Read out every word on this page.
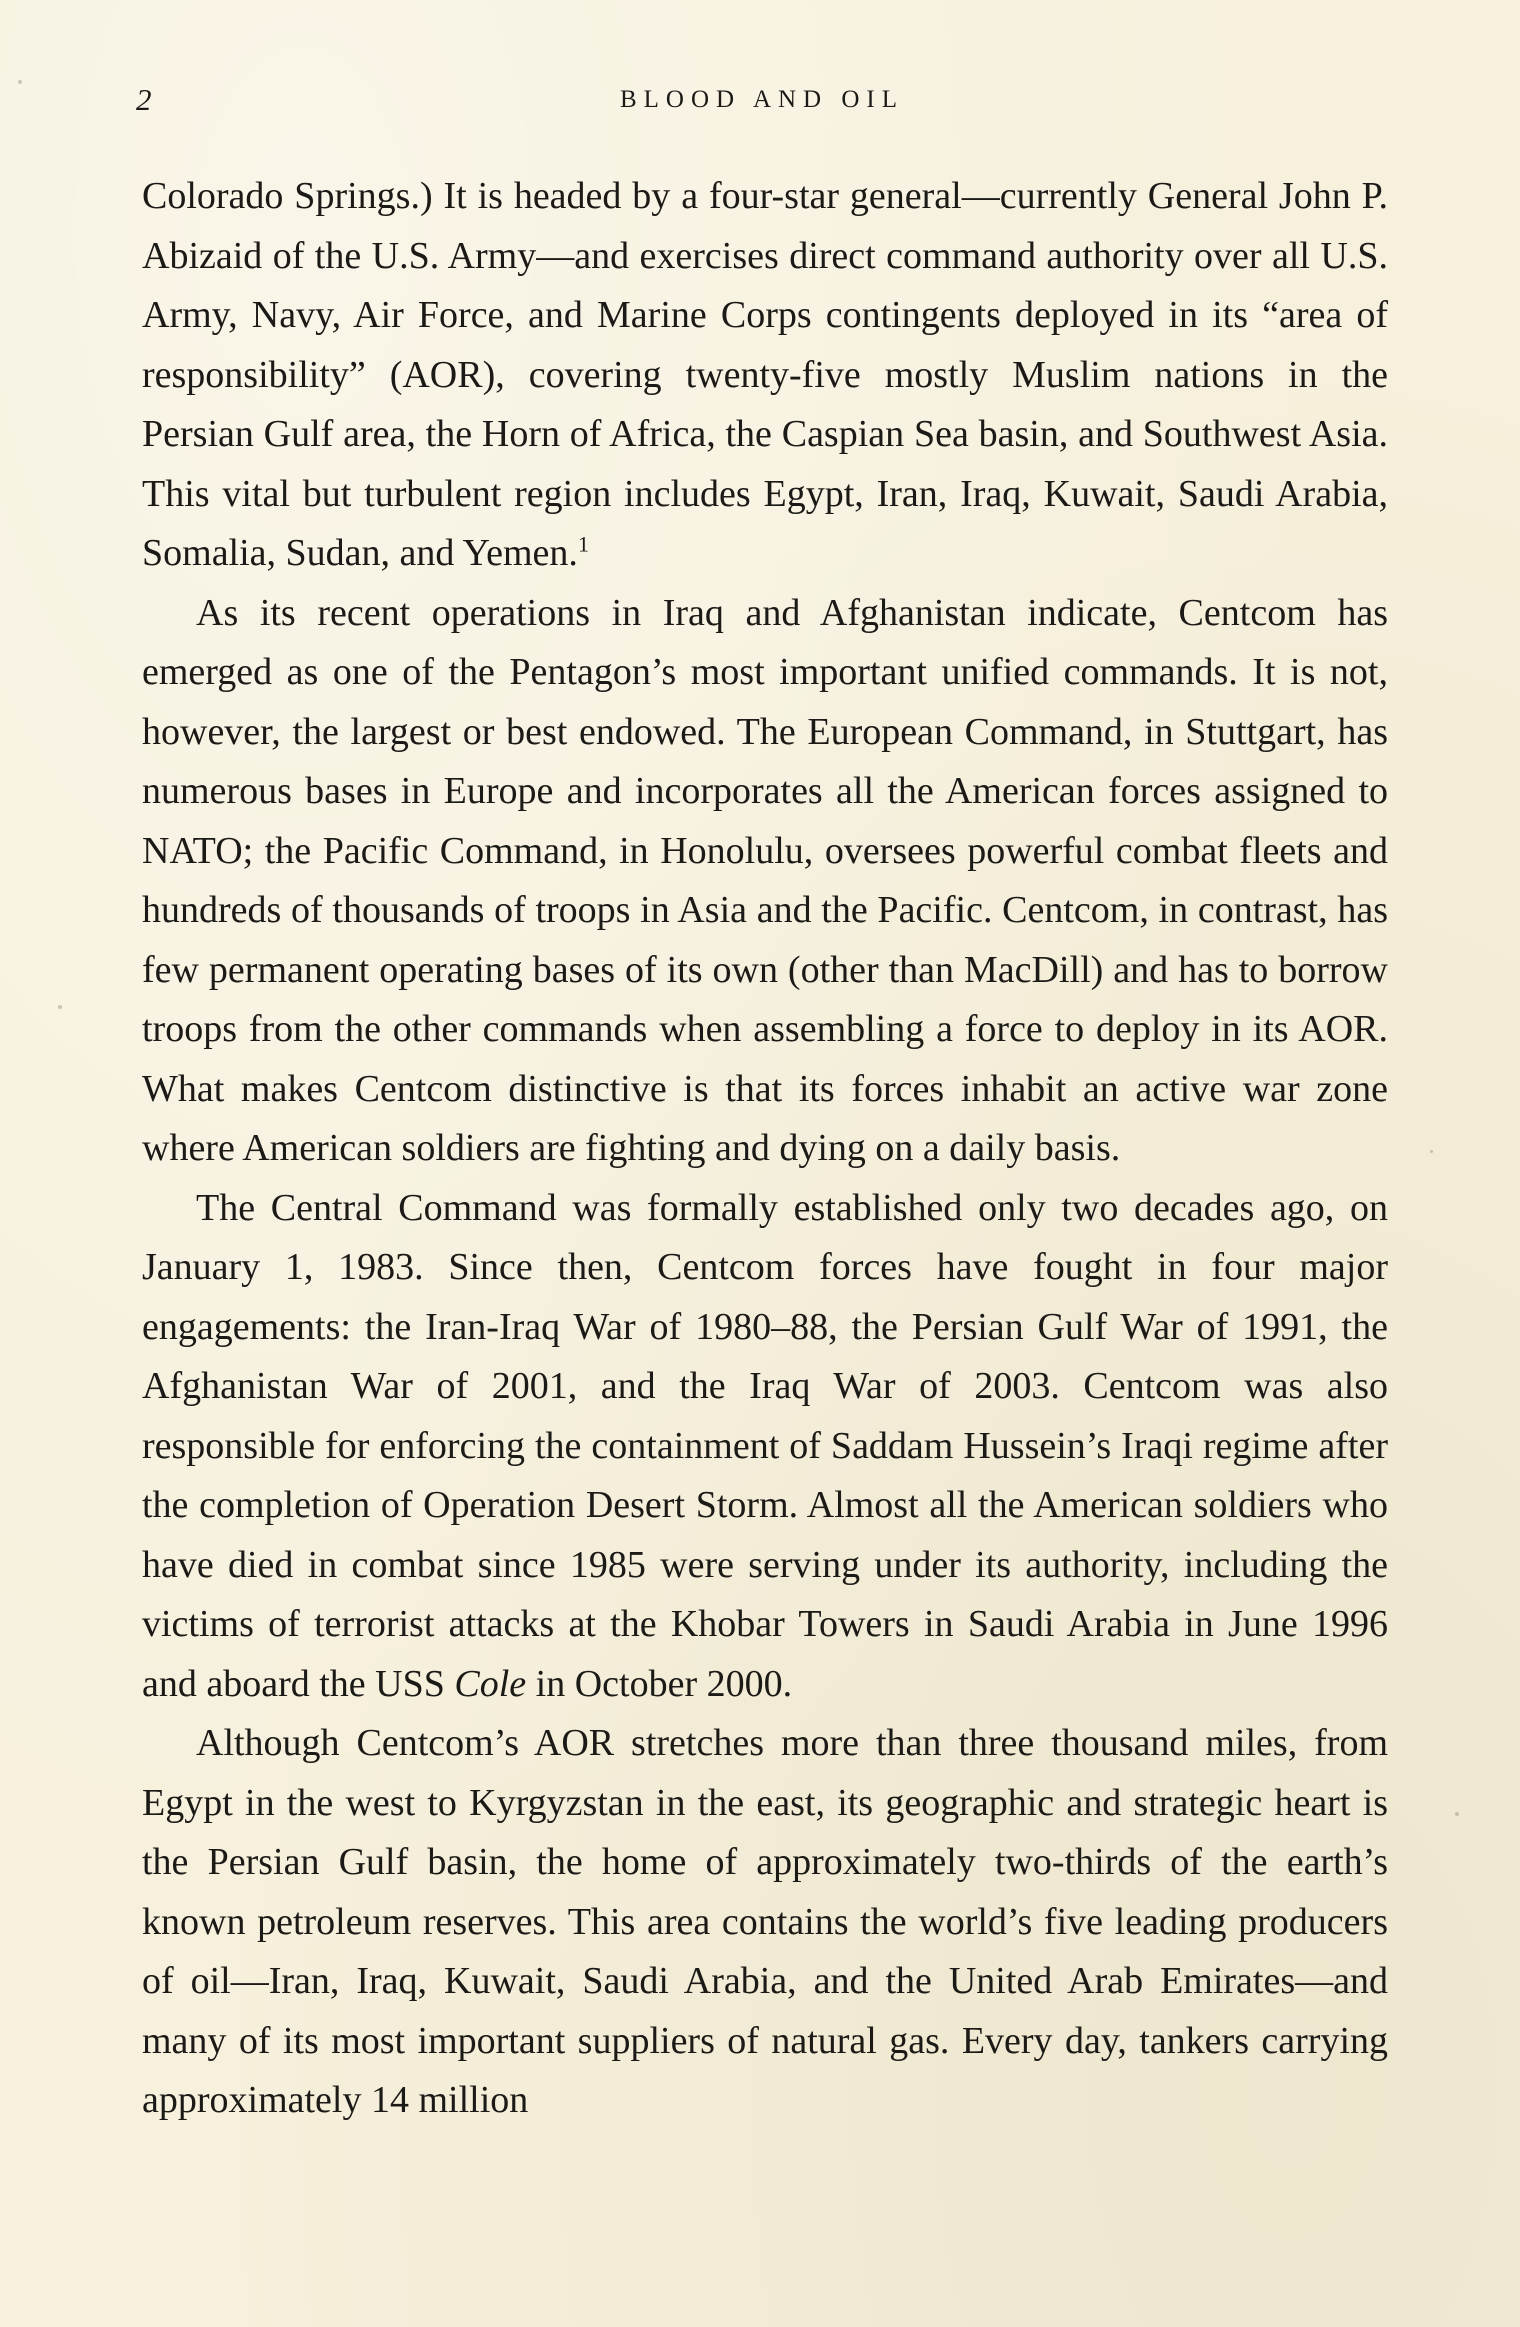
2	BLOOD AND OIL

Colorado Springs.) It is headed by a four-star general—currently General John P. Abizaid of the U.S. Army—and exercises direct command authority over all U.S. Army, Navy, Air Force, and Marine Corps contingents deployed in its “area of responsibility” (AOR), covering twenty-five mostly Muslim nations in the Persian Gulf area, the Horn of Africa, the Caspian Sea basin, and Southwest Asia. This vital but turbulent region includes Egypt, Iran, Iraq, Kuwait, Saudi Arabia, Somalia, Sudan, and Yemen.$^1$

As its recent operations in Iraq and Afghanistan indicate, Centcom has emerged as one of the Pentagon’s most important unified commands. It is not, however, the largest or best endowed. The European Command, in Stuttgart, has numerous bases in Europe and incorporates all the American forces assigned to NATO; the Pacific Command, in Honolulu, oversees powerful combat fleets and hundreds of thousands of troops in Asia and the Pacific. Centcom, in contrast, has few permanent operating bases of its own (other than MacDill) and has to borrow troops from the other commands when assembling a force to deploy in its AOR. What makes Centcom distinctive is that its forces inhabit an active war zone where American soldiers are fighting and dying on a daily basis.

The Central Command was formally established only two decades ago, on January 1, 1983. Since then, Centcom forces have fought in four major engagements: the Iran-Iraq War of 1980–88, the Persian Gulf War of 1991, the Afghanistan War of 2001, and the Iraq War of 2003. Centcom was also responsible for enforcing the containment of Saddam Hussein’s Iraqi regime after the completion of Operation Desert Storm. Almost all the American soldiers who have died in combat since 1985 were serving under its authority, including the victims of terrorist attacks at the Khobar Towers in Saudi Arabia in June 1996 and aboard the USS Cole in October 2000.

Although Centcom’s AOR stretches more than three thousand miles, from Egypt in the west to Kyrgyzstan in the east, its geographic and strategic heart is the Persian Gulf basin, the home of approximately two-thirds of the earth’s known petroleum reserves. This area contains the world’s five leading producers of oil—Iran, Iraq, Kuwait, Saudi Arabia, and the United Arab Emirates—and many of its most important suppliers of natural gas. Every day, tankers carrying approximately 14 million
